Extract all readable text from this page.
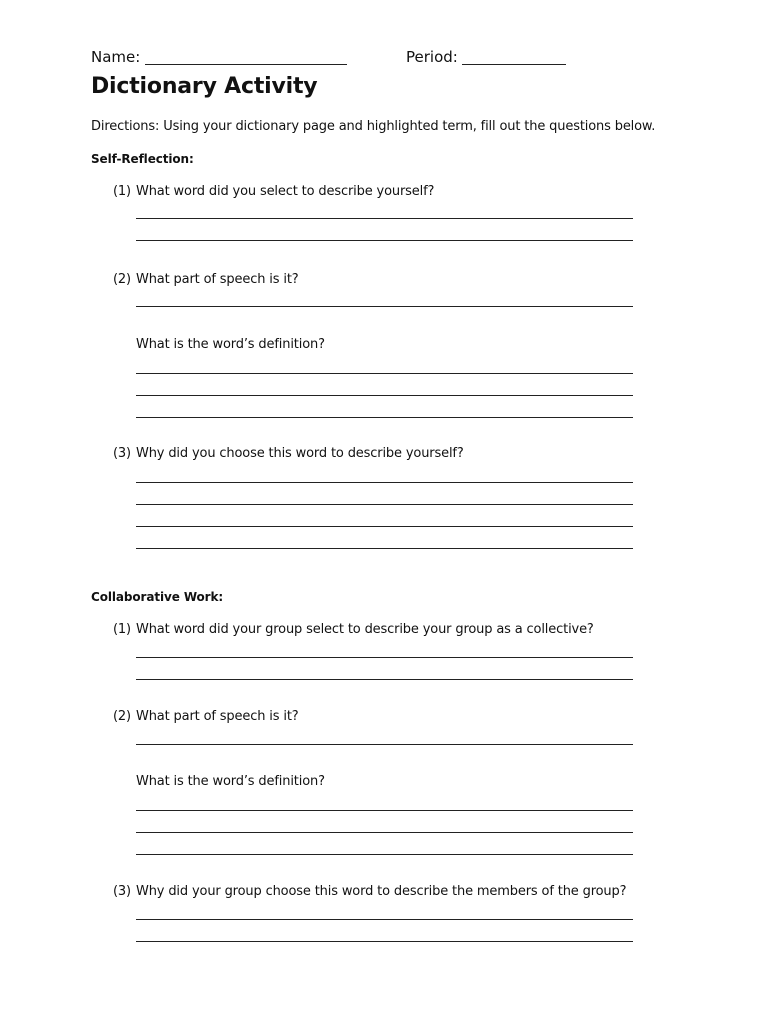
Name:	Period:
Dictionary Activity
Directions: Using your dictionary page and highlighted term, fill out the questions below.
Self-Reflection:
(1) What word did you select to describe yourself?
(2) What part of speech is it?
What is the word’s definition?
(3) Why did you choose this word to describe yourself?
Collaborative Work:
(1) What word did your group select to describe your group as a collective?
(2) What part of speech is it?
What is the word’s definition?
(3) Why did your group choose this word to describe the members of the group?
